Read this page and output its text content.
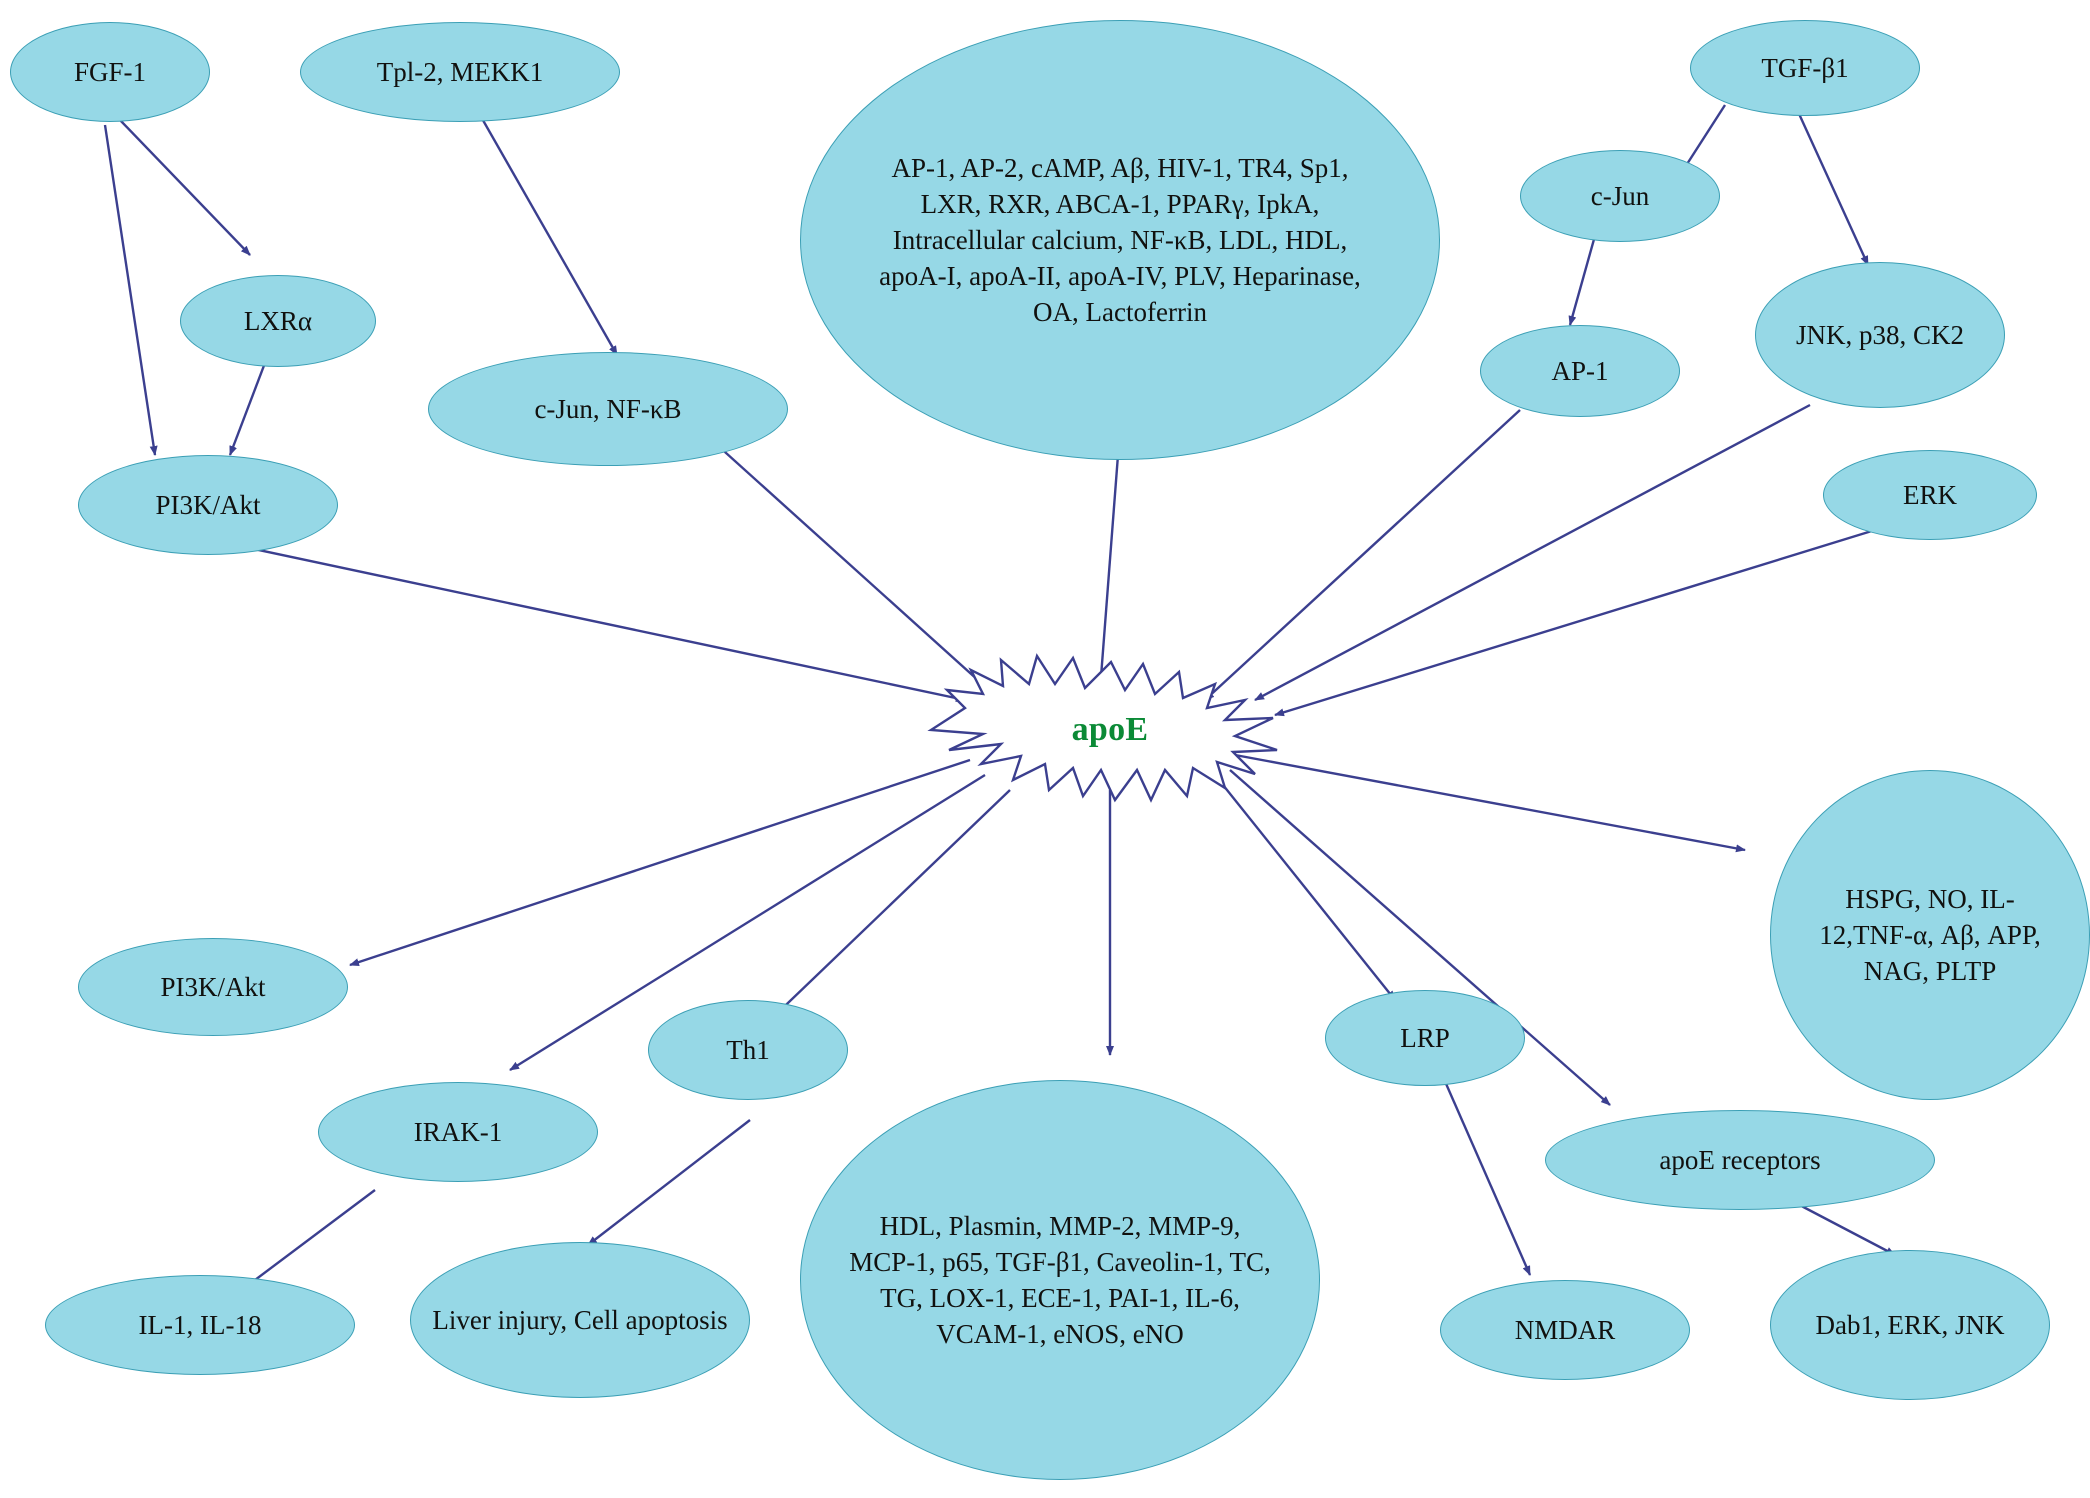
apoE
FGF-1	Tpl-2, MEKK1
AP-1, AP-2, cAMP, Aβ, HIV-1, TR4, Sp1, LXR, RXR, ABCA-1, PPARγ, IpkA, Intracellular calcium, NF-κB, LDL, HDL, apoA-I, apoA-II, apoA-IV, PLV, Heparinase, OA, Lactoferrin
TGF-β1
c-Jun
LXRα	JNK, p38, CK2
c-Jun, NF-κB
AP-1
ERK
PI3K/Akt
HSPG, NO, IL-12,TNF-α, Aβ, APP, NAG, PLTP
PI3K/Akt
Th1	LRP
IRAK-1
apoE receptors
HDL, Plasmin, MMP-2, MMP-9, MCP-1, p65, TGF-β1, Caveolin-1, TC, TG, LOX-1, ECE-1, PAI-1, IL-6, VCAM-1, eNOS, eNO
IL-1, IL-18	Liver injury, Cell apoptosis	NMDAR	Dab1, ERK, JNK
